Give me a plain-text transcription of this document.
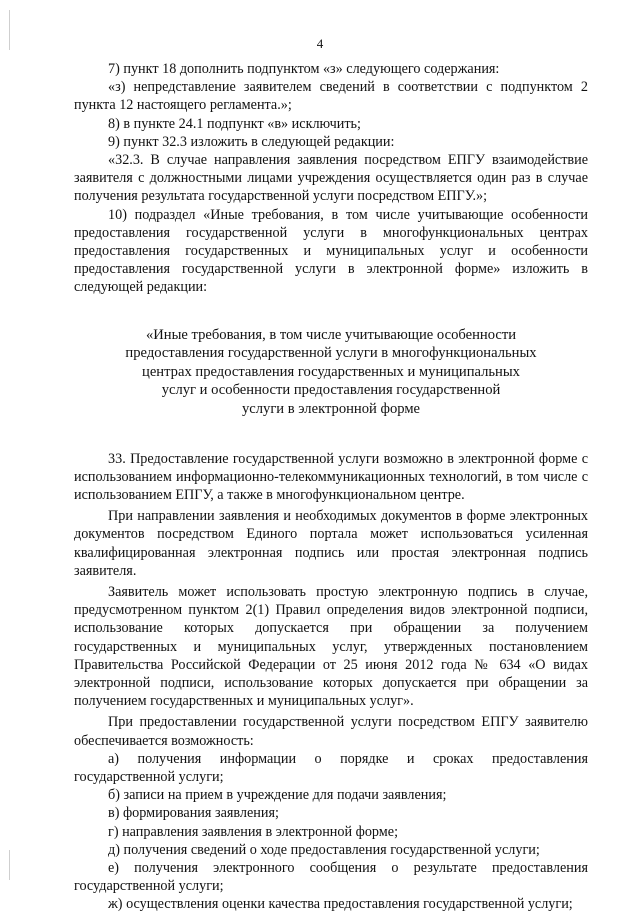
4

7) пункт 18 дополнить подпунктом «з» следующего содержания:

«з) непредставление заявителем сведений в соответствии с подпунктом 2 пункта 12 настоящего регламента.»;

8) в пункте 24.1 подпункт «в» исключить;

9) пункт 32.3 изложить в следующей редакции:

«32.3. В случае направления заявления посредством ЕПГУ взаимодействие заявителя с должностными лицами учреждения осуществляется один раз в случае получения результата государственной услуги посредством ЕПГУ.»;

10) подраздел «Иные требования, в том числе учитывающие особенности предоставления государственной услуги в многофункциональных центрах предоставления государственных и муниципальных услуг и особенности предоставления государственной услуги в электронной форме» изложить в следующей редакции:

«Иные требования, в том числе учитывающие особенности
предоставления государственной услуги в многофункциональных
центрах предоставления государственных и муниципальных
услуг и особенности предоставления государственной
услуги в электронной форме

33. Предоставление государственной услуги возможно в электронной форме с использованием информационно-телекоммуникационных технологий, в том числе с использованием ЕПГУ, а также в многофункциональном центре.

При направлении заявления и необходимых документов в форме электронных документов посредством Единого портала может использоваться усиленная квалифицированная электронная подпись или простая электронная подпись заявителя.

Заявитель может использовать простую электронную подпись в случае, предусмотренном пунктом 2(1) Правил определения видов электронной подписи, использование которых допускается при обращении за получением государственных и муниципальных услуг, утвержденных постановлением Правительства Российской Федерации от 25 июня 2012 года № 634 «О видах электронной подписи, использование которых допускается при обращении за получением государственных и муниципальных услуг».

При предоставлении государственной услуги посредством ЕПГУ заявителю обеспечивается возможность:

а) получения информации о порядке и сроках предоставления государственной услуги;

б) записи на прием в учреждение для подачи заявления;

в) формирования заявления;

г) направления заявления в электронной форме;

д) получения сведений о ходе предоставления государственной услуги;

е) получения электронного сообщения о результате предоставления государственной услуги;

ж) осуществления оценки качества предоставления государственной услуги;
